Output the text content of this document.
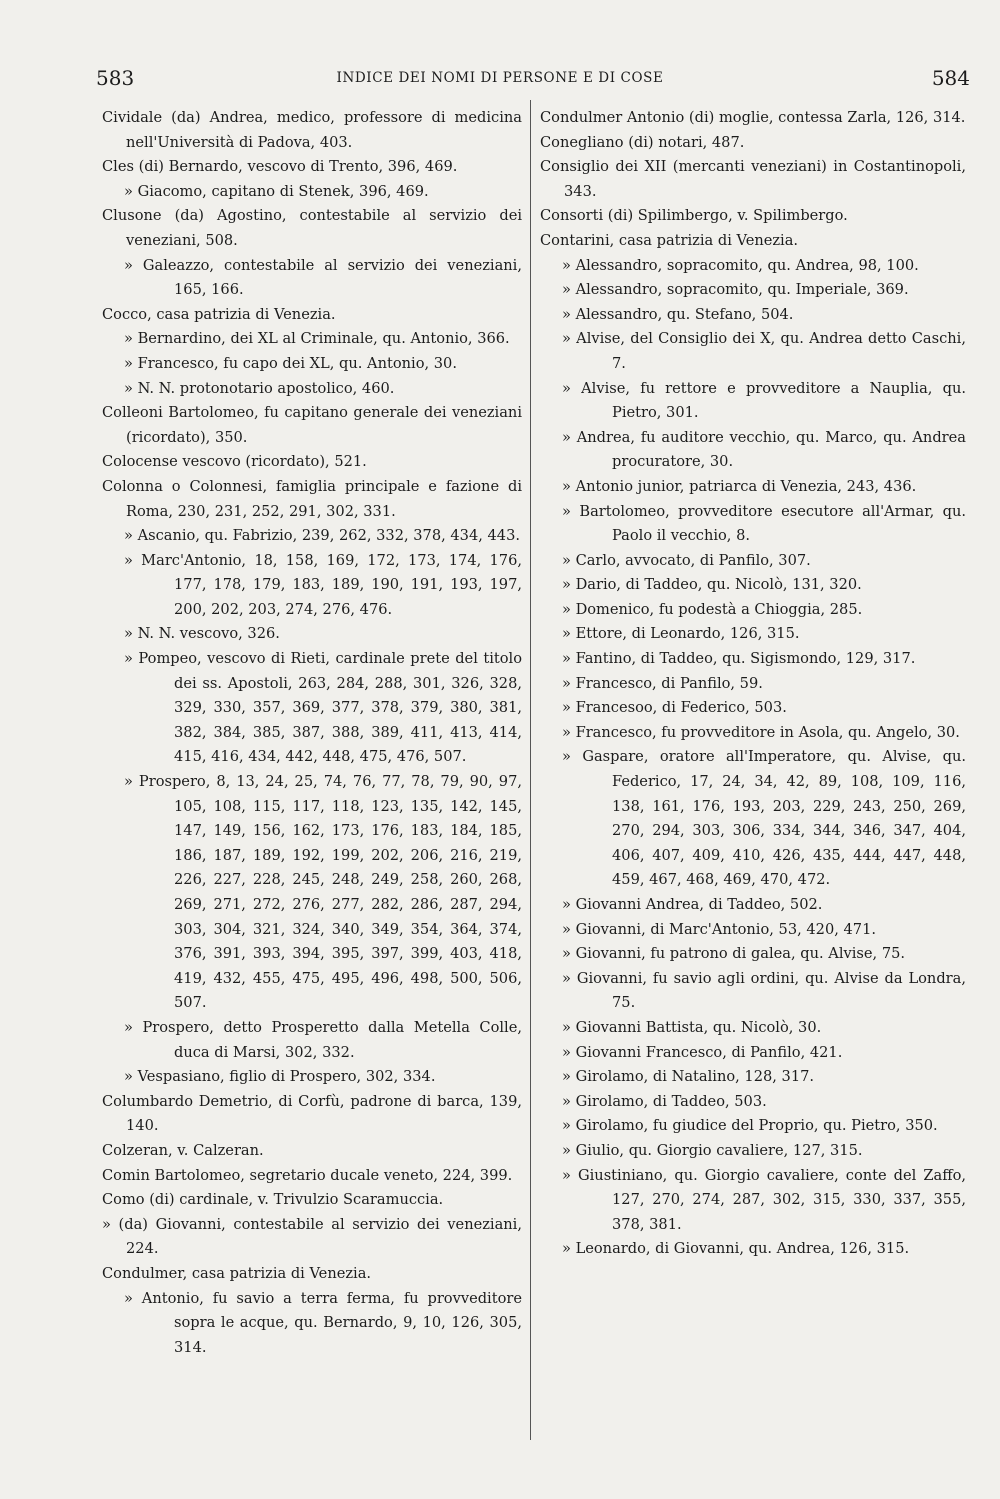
583	INDICE DEI NOMI DI PERSONE E DI COSE	584

Cividale (da) Andrea, medico, professore di medicina nell'Università di Padova, 403.

Cles (di) Bernardo, vescovo di Trento, 396, 469.

» Giacomo, capitano di Stenek, 396, 469.

Clusone (da) Agostino, contestabile al servizio dei veneziani, 508.

» Galeazzo, contestabile al servizio dei veneziani, 165, 166.

Cocco, casa patrizia di Venezia.

» Bernardino, dei XL al Criminale, qu. Antonio, 366.

» Francesco, fu capo dei XL, qu. Antonio, 30.

» N. N. protonotario apostolico, 460.

Colleoni Bartolomeo, fu capitano generale dei veneziani (ricordato), 350.

Colocense vescovo (ricordato), 521.

Colonna o Colonnesi, famiglia principale e fazione di Roma, 230, 231, 252, 291, 302, 331.

» Ascanio, qu. Fabrizio, 239, 262, 332, 378, 434, 443.

» Marc'Antonio, 18, 158, 169, 172, 173, 174, 176, 177, 178, 179, 183, 189, 190, 191, 193, 197, 200, 202, 203, 274, 276, 476.

» N. N. vescovo, 326.

» Pompeo, vescovo di Rieti, cardinale prete del titolo dei ss. Apostoli, 263, 284, 288, 301, 326, 328, 329, 330, 357, 369, 377, 378, 379, 380, 381, 382, 384, 385, 387, 388, 389, 411, 413, 414, 415, 416, 434, 442, 448, 475, 476, 507.

» Prospero, 8, 13, 24, 25, 74, 76, 77, 78, 79, 90, 97, 105, 108, 115, 117, 118, 123, 135, 142, 145, 147, 149, 156, 162, 173, 176, 183, 184, 185, 186, 187, 189, 192, 199, 202, 206, 216, 219, 226, 227, 228, 245, 248, 249, 258, 260, 268, 269, 271, 272, 276, 277, 282, 286, 287, 294, 303, 304, 321, 324, 340, 349, 354, 364, 374, 376, 391, 393, 394, 395, 397, 399, 403, 418, 419, 432, 455, 475, 495, 496, 498, 500, 506, 507.

» Prospero, detto Prosperetto dalla Metella Colle, duca di Marsi, 302, 332.

» Vespasiano, figlio di Prospero, 302, 334.

Columbardo Demetrio, di Corfù, padrone di barca, 139, 140.

Colzeran, v. Calzeran.

Comin Bartolomeo, segretario ducale veneto, 224, 399.

Como (di) cardinale, v. Trivulzio Scaramuccia.

» (da) Giovanni, contestabile al servizio dei veneziani, 224.

Condulmer, casa patrizia di Venezia.

» Antonio, fu savio a terra ferma, fu provveditore sopra le acque, qu. Bernardo, 9, 10, 126, 305, 314.

Condulmer Antonio (di) moglie, contessa Zarla, 126, 314.

Conegliano (di) notari, 487.

Consiglio dei XII (mercanti veneziani) in Costantinopoli, 343.

Consorti (di) Spilimbergo, v. Spilimbergo.

Contarini, casa patrizia di Venezia.

» Alessandro, sopracomito, qu. Andrea, 98, 100.

» Alessandro, sopracomito, qu. Imperiale, 369.

» Alessandro, qu. Stefano, 504.

» Alvise, del Consiglio dei X, qu. Andrea detto Caschi, 7.

» Alvise, fu rettore e provveditore a Nauplia, qu. Pietro, 301.

» Andrea, fu auditore vecchio, qu. Marco, qu. Andrea procuratore, 30.

» Antonio junior, patriarca di Venezia, 243, 436.

» Bartolomeo, provveditore esecutore all'Armar, qu. Paolo il vecchio, 8.

» Carlo, avvocato, di Panfilo, 307.

» Dario, di Taddeo, qu. Nicolò, 131, 320.

» Domenico, fu podestà a Chioggia, 285.

» Ettore, di Leonardo, 126, 315.

» Fantino, di Taddeo, qu. Sigismondo, 129, 317.

» Francesco, di Panfilo, 59.

» Francesoo, di Federico, 503.

» Francesco, fu provveditore in Asola, qu. Angelo, 30.

» Gaspare, oratore all'Imperatore, qu. Alvise, qu. Federico, 17, 24, 34, 42, 89, 108, 109, 116, 138, 161, 176, 193, 203, 229, 243, 250, 269, 270, 294, 303, 306, 334, 344, 346, 347, 404, 406, 407, 409, 410, 426, 435, 444, 447, 448, 459, 467, 468, 469, 470, 472.

» Giovanni Andrea, di Taddeo, 502.

» Giovanni, di Marc'Antonio, 53, 420, 471.

» Giovanni, fu patrono di galea, qu. Alvise, 75.

» Giovanni, fu savio agli ordini, qu. Alvise da Londra, 75.

» Giovanni Battista, qu. Nicolò, 30.

» Giovanni Francesco, di Panfilo, 421.

» Girolamo, di Natalino, 128, 317.

» Girolamo, di Taddeo, 503.

» Girolamo, fu giudice del Proprio, qu. Pietro, 350.

» Giulio, qu. Giorgio cavaliere, 127, 315.

» Giustiniano, qu. Giorgio cavaliere, conte del Zaffo, 127, 270, 274, 287, 302, 315, 330, 337, 355, 378, 381.

» Leonardo, di Giovanni, qu. Andrea, 126, 315.
